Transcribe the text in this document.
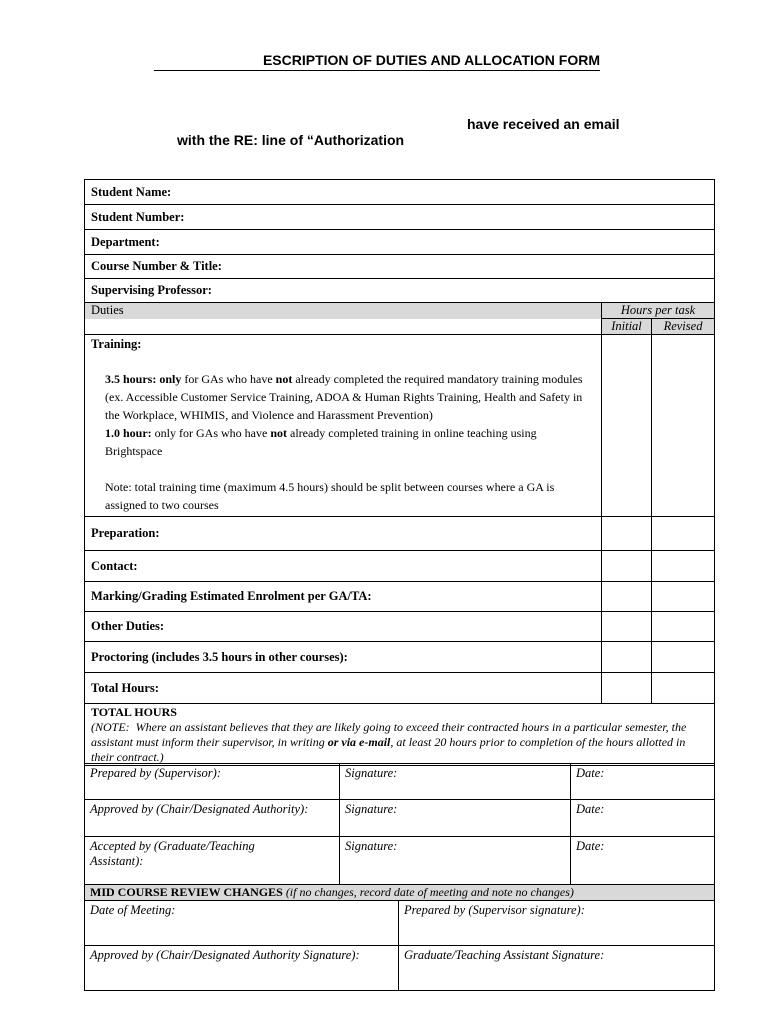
ESCRIPTION OF DUTIES AND ALLOCATION FORM
have received an email
with the RE: line of “Authorization
Student Name:		
Student Number:		
Department:		
Course Number & Title:		
Supervising Professor:		
Duties	Hours per task	
	Initial	Revised

Training:

3.5 hours: only for GAs who have not already completed the required mandatory training modules

(ex. Accessible Customer Service Training, ADOA & Human Rights Training, Health and Safety in the Workplace, WHIMIS, and Violence and Harassment Prevention)

1.0 hour: only for GAs who have not already completed training in online teaching using Brightspace

Note: total training time (maximum 4.5 hours) should be split between courses where a GA is assigned to two courses		

Preparation:		
Contact:		
Marking/Grading Estimated Enrolment per GA/TA:		
Other Duties:		
Proctoring (includes 3.5 hours in other courses):		
Total Hours:		

TOTAL HOURS
(NOTE: Where an assistant believes that they are likely going to exceed their contracted hours in a particular semester, the assistant must inform their supervisor, in writing or via e-mail, at least 20 hours prior to completion of the hours allotted in their contract.)		
Prepared by (Supervisor):	Signature:	Date:
Approved by (Chair/Designated Authority):	Signature:	Date:
Accepted by (Graduate/Teaching Assistant):	Signature:	Date:
MID COURSE REVIEW CHANGES (if no changes, record date of meeting and note no changes)	
Date of Meeting:	Prepared by (Supervisor signature):
Approved by (Chair/Designated Authority Signature):	Graduate/Teaching Assistant Signature:
